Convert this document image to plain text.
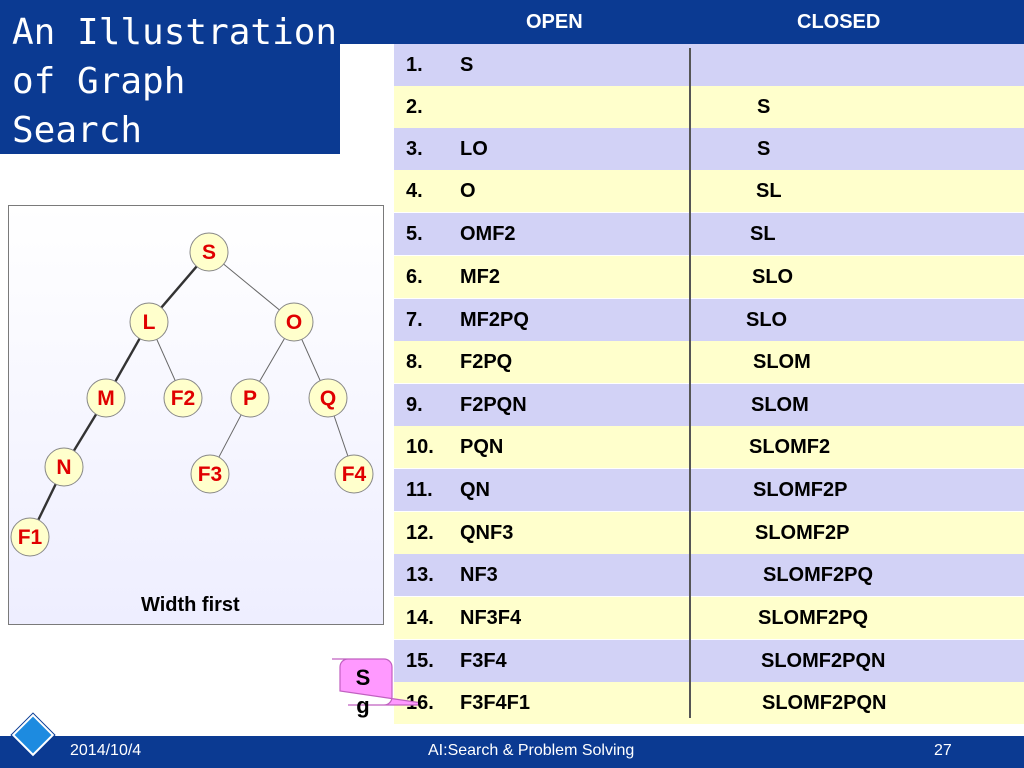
An Illustration
of Graph
Search
OPEN	CLOSED
1. S
2.	S
3. LO	S
4. O	SL
5. OMF2	SL
6. MF2	SLO
7. MF2PQ	SLO
8. F2PQ	SLOM
9. F2PQN	SLOM
10. PQN	SLOMF2
11. QN	SLOMF2P
12. QNF3	SLOMF2P
13. NF3	SLOMF2PQ
14. NF3F4	SLOMF2PQ
15. F3F4	SLOMF2PQN
16. F3F4F1	SLOMF2PQN
S
L	O
M	F2 P	Q
N	F3	F4
F1
Width first
Sg
2014/10/4	AI:Search & Problem Solving	27
